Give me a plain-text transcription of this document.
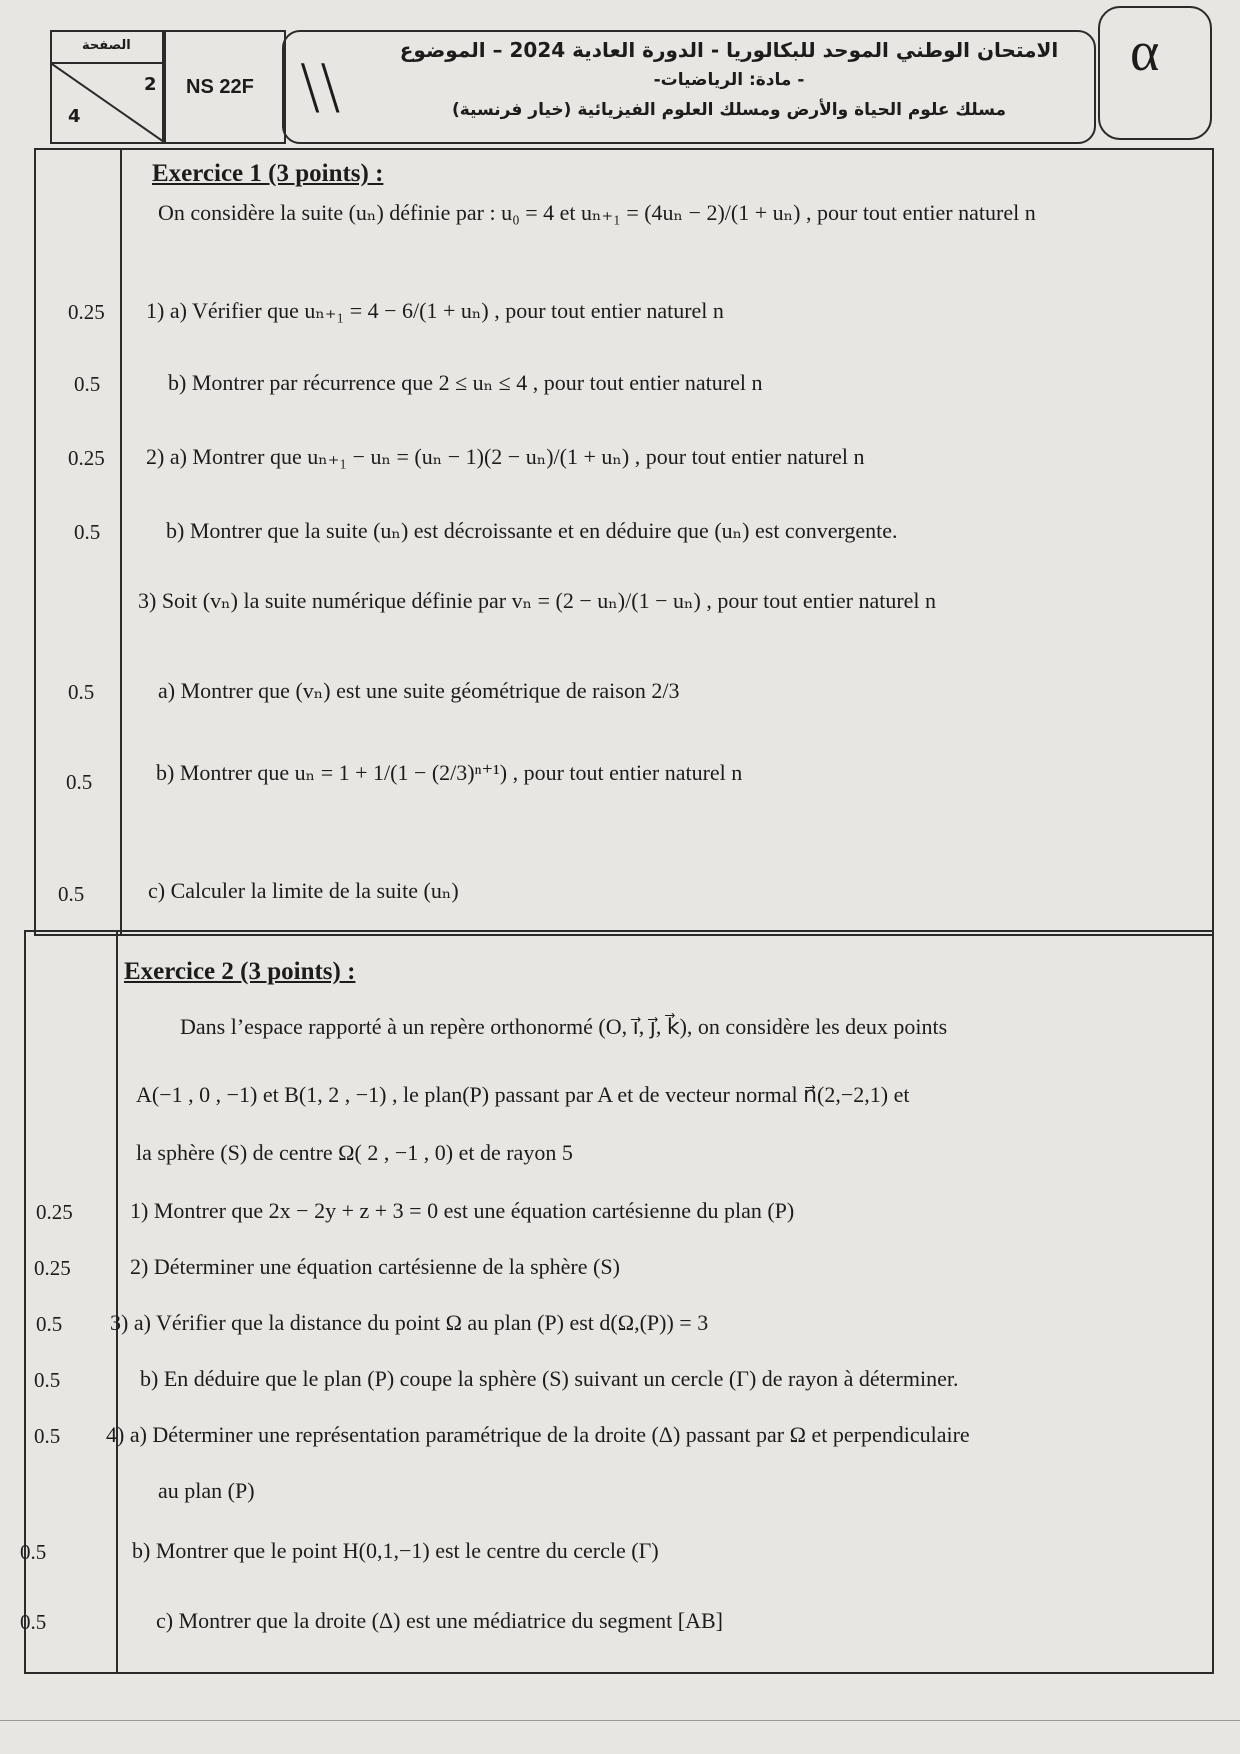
الصفحة
2
4
NS 22F \\
الامتحان الوطني الموحد للبكالوريا - الدورة العادية 2024 – الموضوع
- مادة: الرياضيات-
مسلك علوم الحياة والأرض ومسلك العلوم الفيزيائية (خيار فرنسية)
α
Exercice 1 (3 points) :
On considère la suite (uₙ) définie par : u₀ = 4 et uₙ₊₁ = (4uₙ − 2)/(1 + uₙ) , pour tout entier naturel n
0.25 1) a) Vérifier que uₙ₊₁ = 4 − 6/(1 + uₙ) , pour tout entier naturel n
0.5	b) Montrer par récurrence que 2 ≤ uₙ ≤ 4 , pour tout entier naturel n
0.25 2) a) Montrer que uₙ₊₁ − uₙ = (uₙ − 1)(2 − uₙ)/(1 + uₙ) , pour tout entier naturel n
0.5	b) Montrer que la suite (uₙ) est décroissante et en déduire que (uₙ) est convergente.
3) Soit (vₙ) la suite numérique définie par vₙ = (2 − uₙ)/(1 − uₙ) , pour tout entier naturel n
0.5	a) Montrer que (vₙ) est une suite géométrique de raison 2/3
0.5	b) Montrer que uₙ = 1 + 1/(1 − (2/3)ⁿ⁺¹) , pour tout entier naturel n
0.5	c) Calculer la limite de la suite (uₙ)
Exercice 2 (3 points) :
Dans l’espace rapporté à un repère orthonormé (O, i⃗, j⃗, k⃗), on considère les deux points
A(−1 , 0 , −1) et B(1, 2 , −1) , le plan(P) passant par A et de vecteur normal n⃗(2,−2,1) et
la sphère (S) de centre Ω( 2 , −1 , 0) et de rayon 5
0.25	1) Montrer que 2x − 2y + z + 3 = 0 est une équation cartésienne du plan (P)
0.25	2) Déterminer une équation cartésienne de la sphère (S)
0.5 3) a) Vérifier que la distance du point Ω au plan (P) est d(Ω,(P)) = 3
0.5	b) En déduire que le plan (P) coupe la sphère (S) suivant un cercle (Γ) de rayon à déterminer.
0.5 4) a) Déterminer une représentation paramétrique de la droite (Δ) passant par Ω et perpendiculaire
au plan (P)
0.5	b) Montrer que le point H(0,1,−1) est le centre du cercle (Γ)
0.5	c) Montrer que la droite (Δ) est une médiatrice du segment [AB]
